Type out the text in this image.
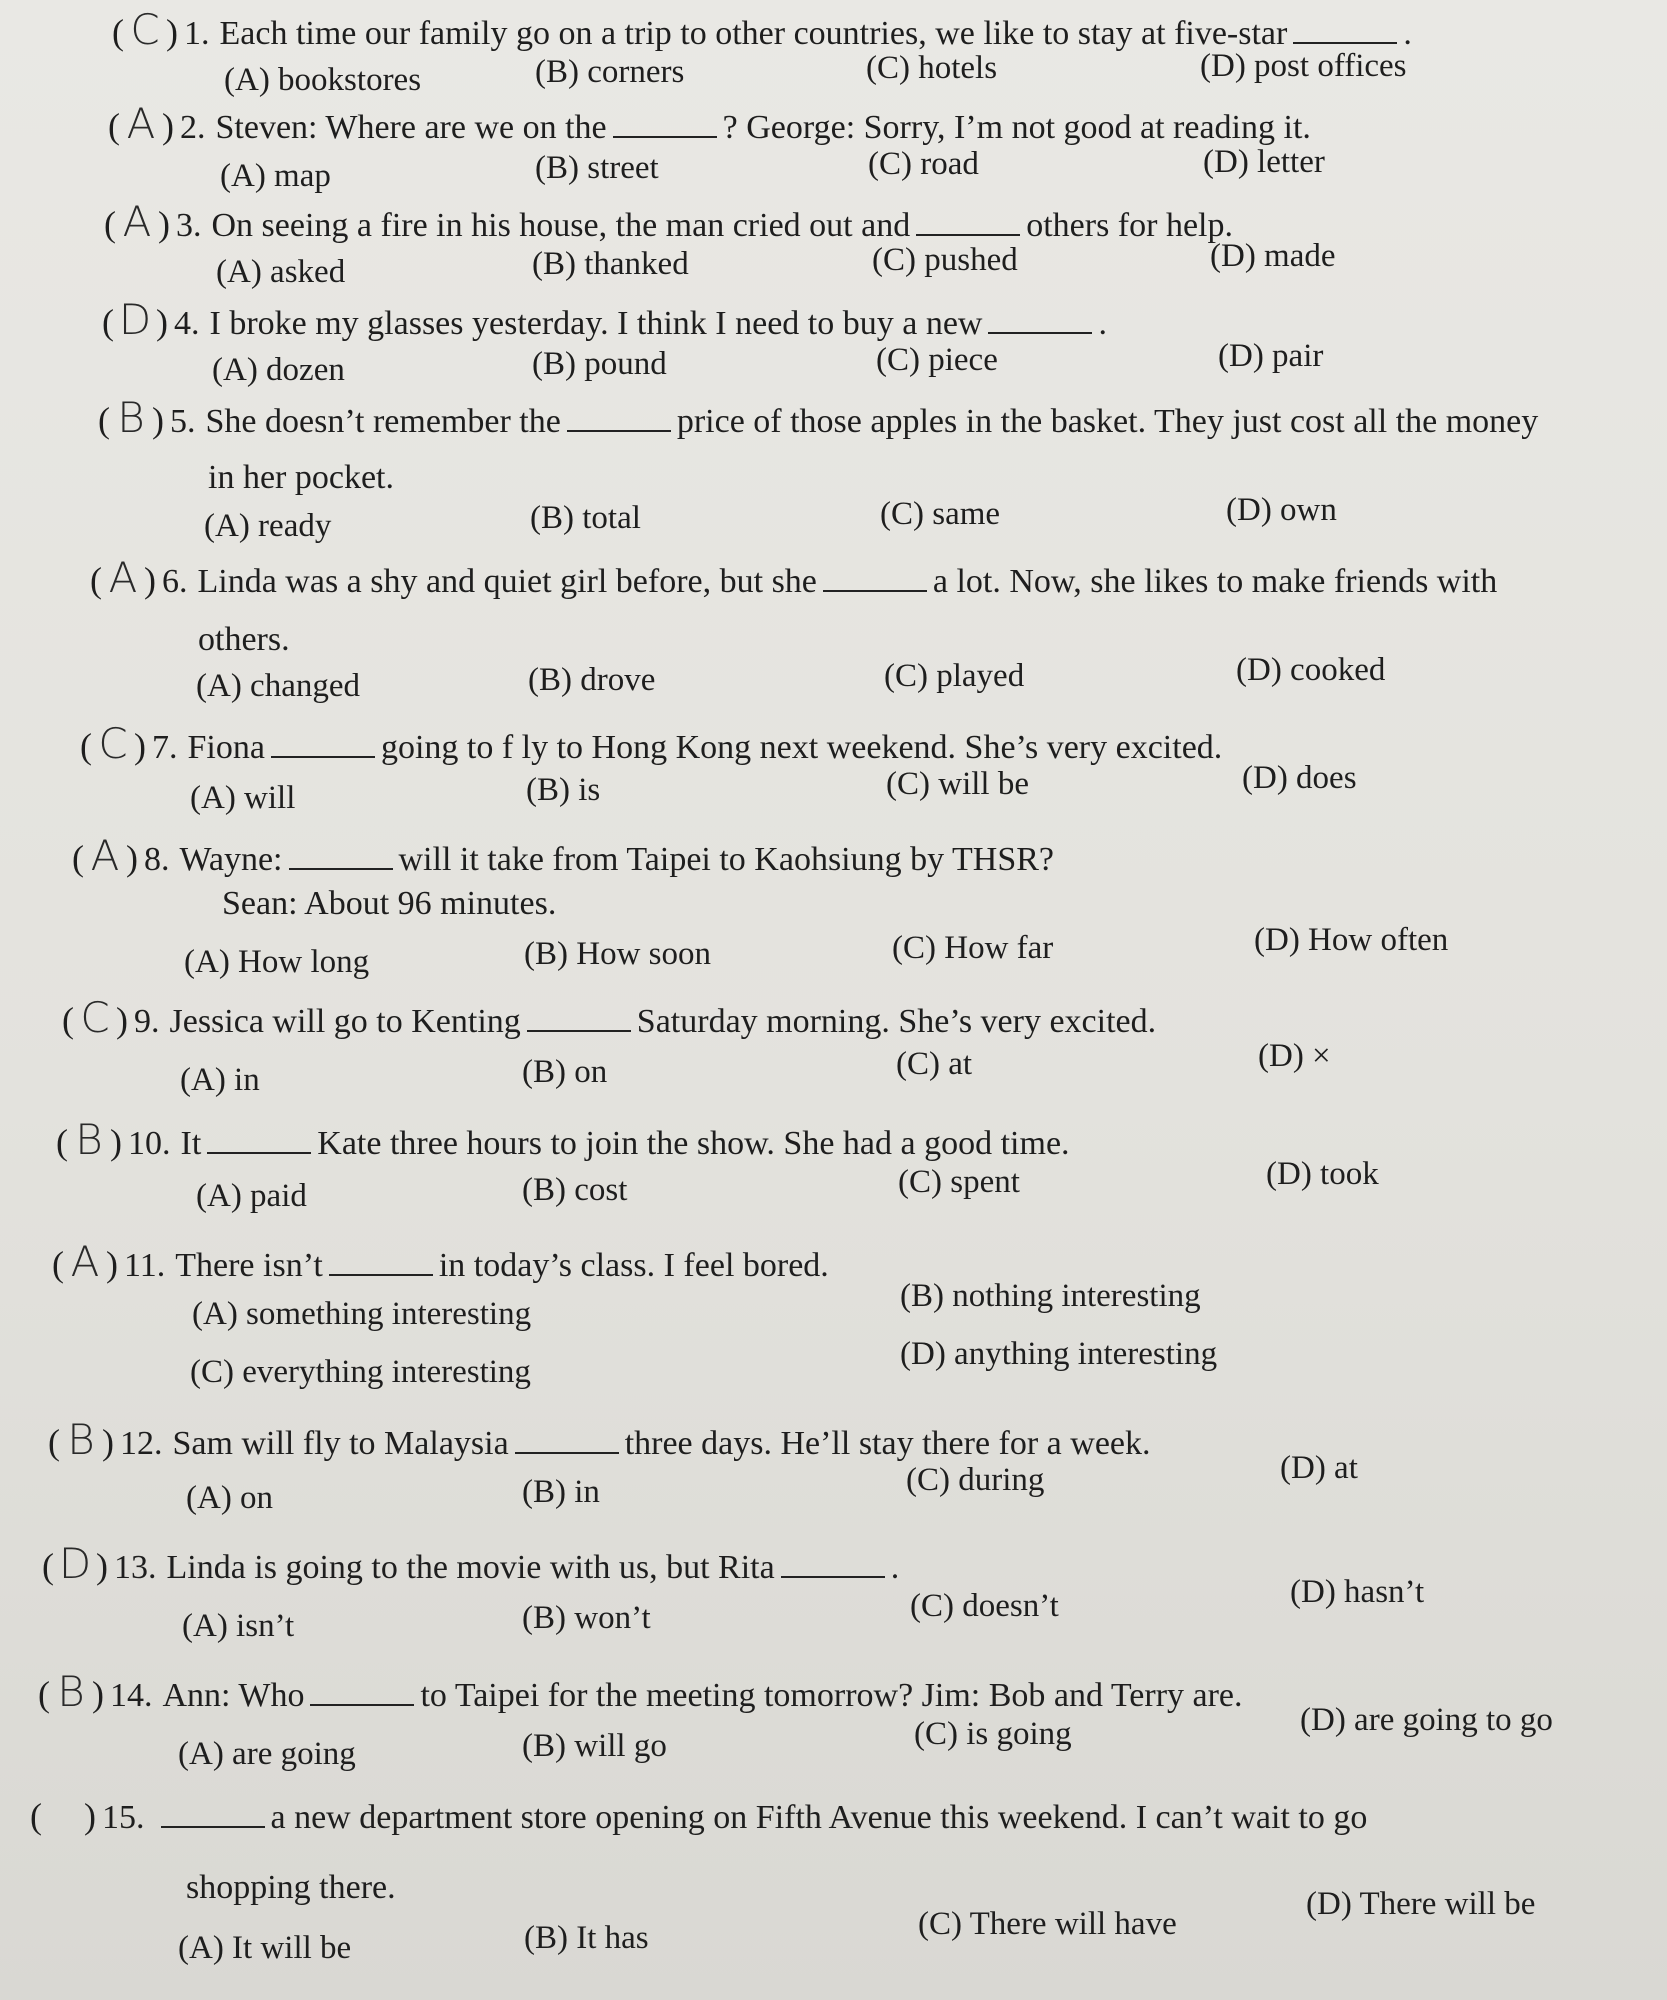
( C ) 1. Each time our family go on a trip to other countries, we like to stay at five-star	.
(A) bookstores	(B) corners	(C) hotels	(D) post offices
( A ) 2. Steven: Where are we on the	? George: Sorry, I’m not good at reading it.
(A) map	(B) street	(C) road	(D) letter
( A ) 3. On seeing a fire in his house, the man cried out and	others for help.
(A) asked	(B) thanked	(C) pushed	(D) made
( D ) 4. I broke my glasses yesterday. I think I need to buy a new	.
(A) dozen	(B) pound	(C) piece	(D) pair
( B ) 5. She doesn’t remember the	price of those apples in the basket. They just cost all the money
in her pocket.
(A) ready	(B) total	(C) same	(D) own
( A ) 6. Linda was a shy and quiet girl before, but she	a lot. Now, she likes to make friends with
others.
(A) changed	(B) drove	(C) played	(D) cooked
( C ) 7. Fiona	going to f ly to Hong Kong next weekend. She’s very excited.
(A) will	(B) is	(C) will be	(D) does
( A ) 8. Wayne:	will it take from Taipei to Kaohsiung by THSR?
Sean: About 96 minutes.
(A) How long	(B) How soon	(C) How far	(D) How often
( C ) 9. Jessica will go to Kenting	Saturday morning. She’s very excited.
(A) in	(B) on	(C) at	(D) ×
( B ) 10. It	Kate three hours to join the show. She had a good time.
(A) paid	(B) cost	(C) spent	(D) took
( A ) 11. There isn’t	in today’s class. I feel bored.
(A) something interesting	(B) nothing interesting
(C) everything interesting	(D) anything interesting
( B ) 12. Sam will fly to Malaysia	three days. He’ll stay there for a week.
(A) on	(B) in	(C) during	(D) at
( D ) 13. Linda is going to the movie with us, but Rita	.
(A) isn’t	(B) won’t	(C) doesn’t	(D) hasn’t
( B ) 14. Ann: Who	to Taipei for the meeting tomorrow? Jim: Bob and Terry are.
(A) are going	(B) will go	(C) is going	(D) are going to go
( ) 15.	a new department store opening on Fifth Avenue this weekend. I can’t wait to go
shopping there.
(A) It will be	(B) It has	(C) There will have
(D) There will be
